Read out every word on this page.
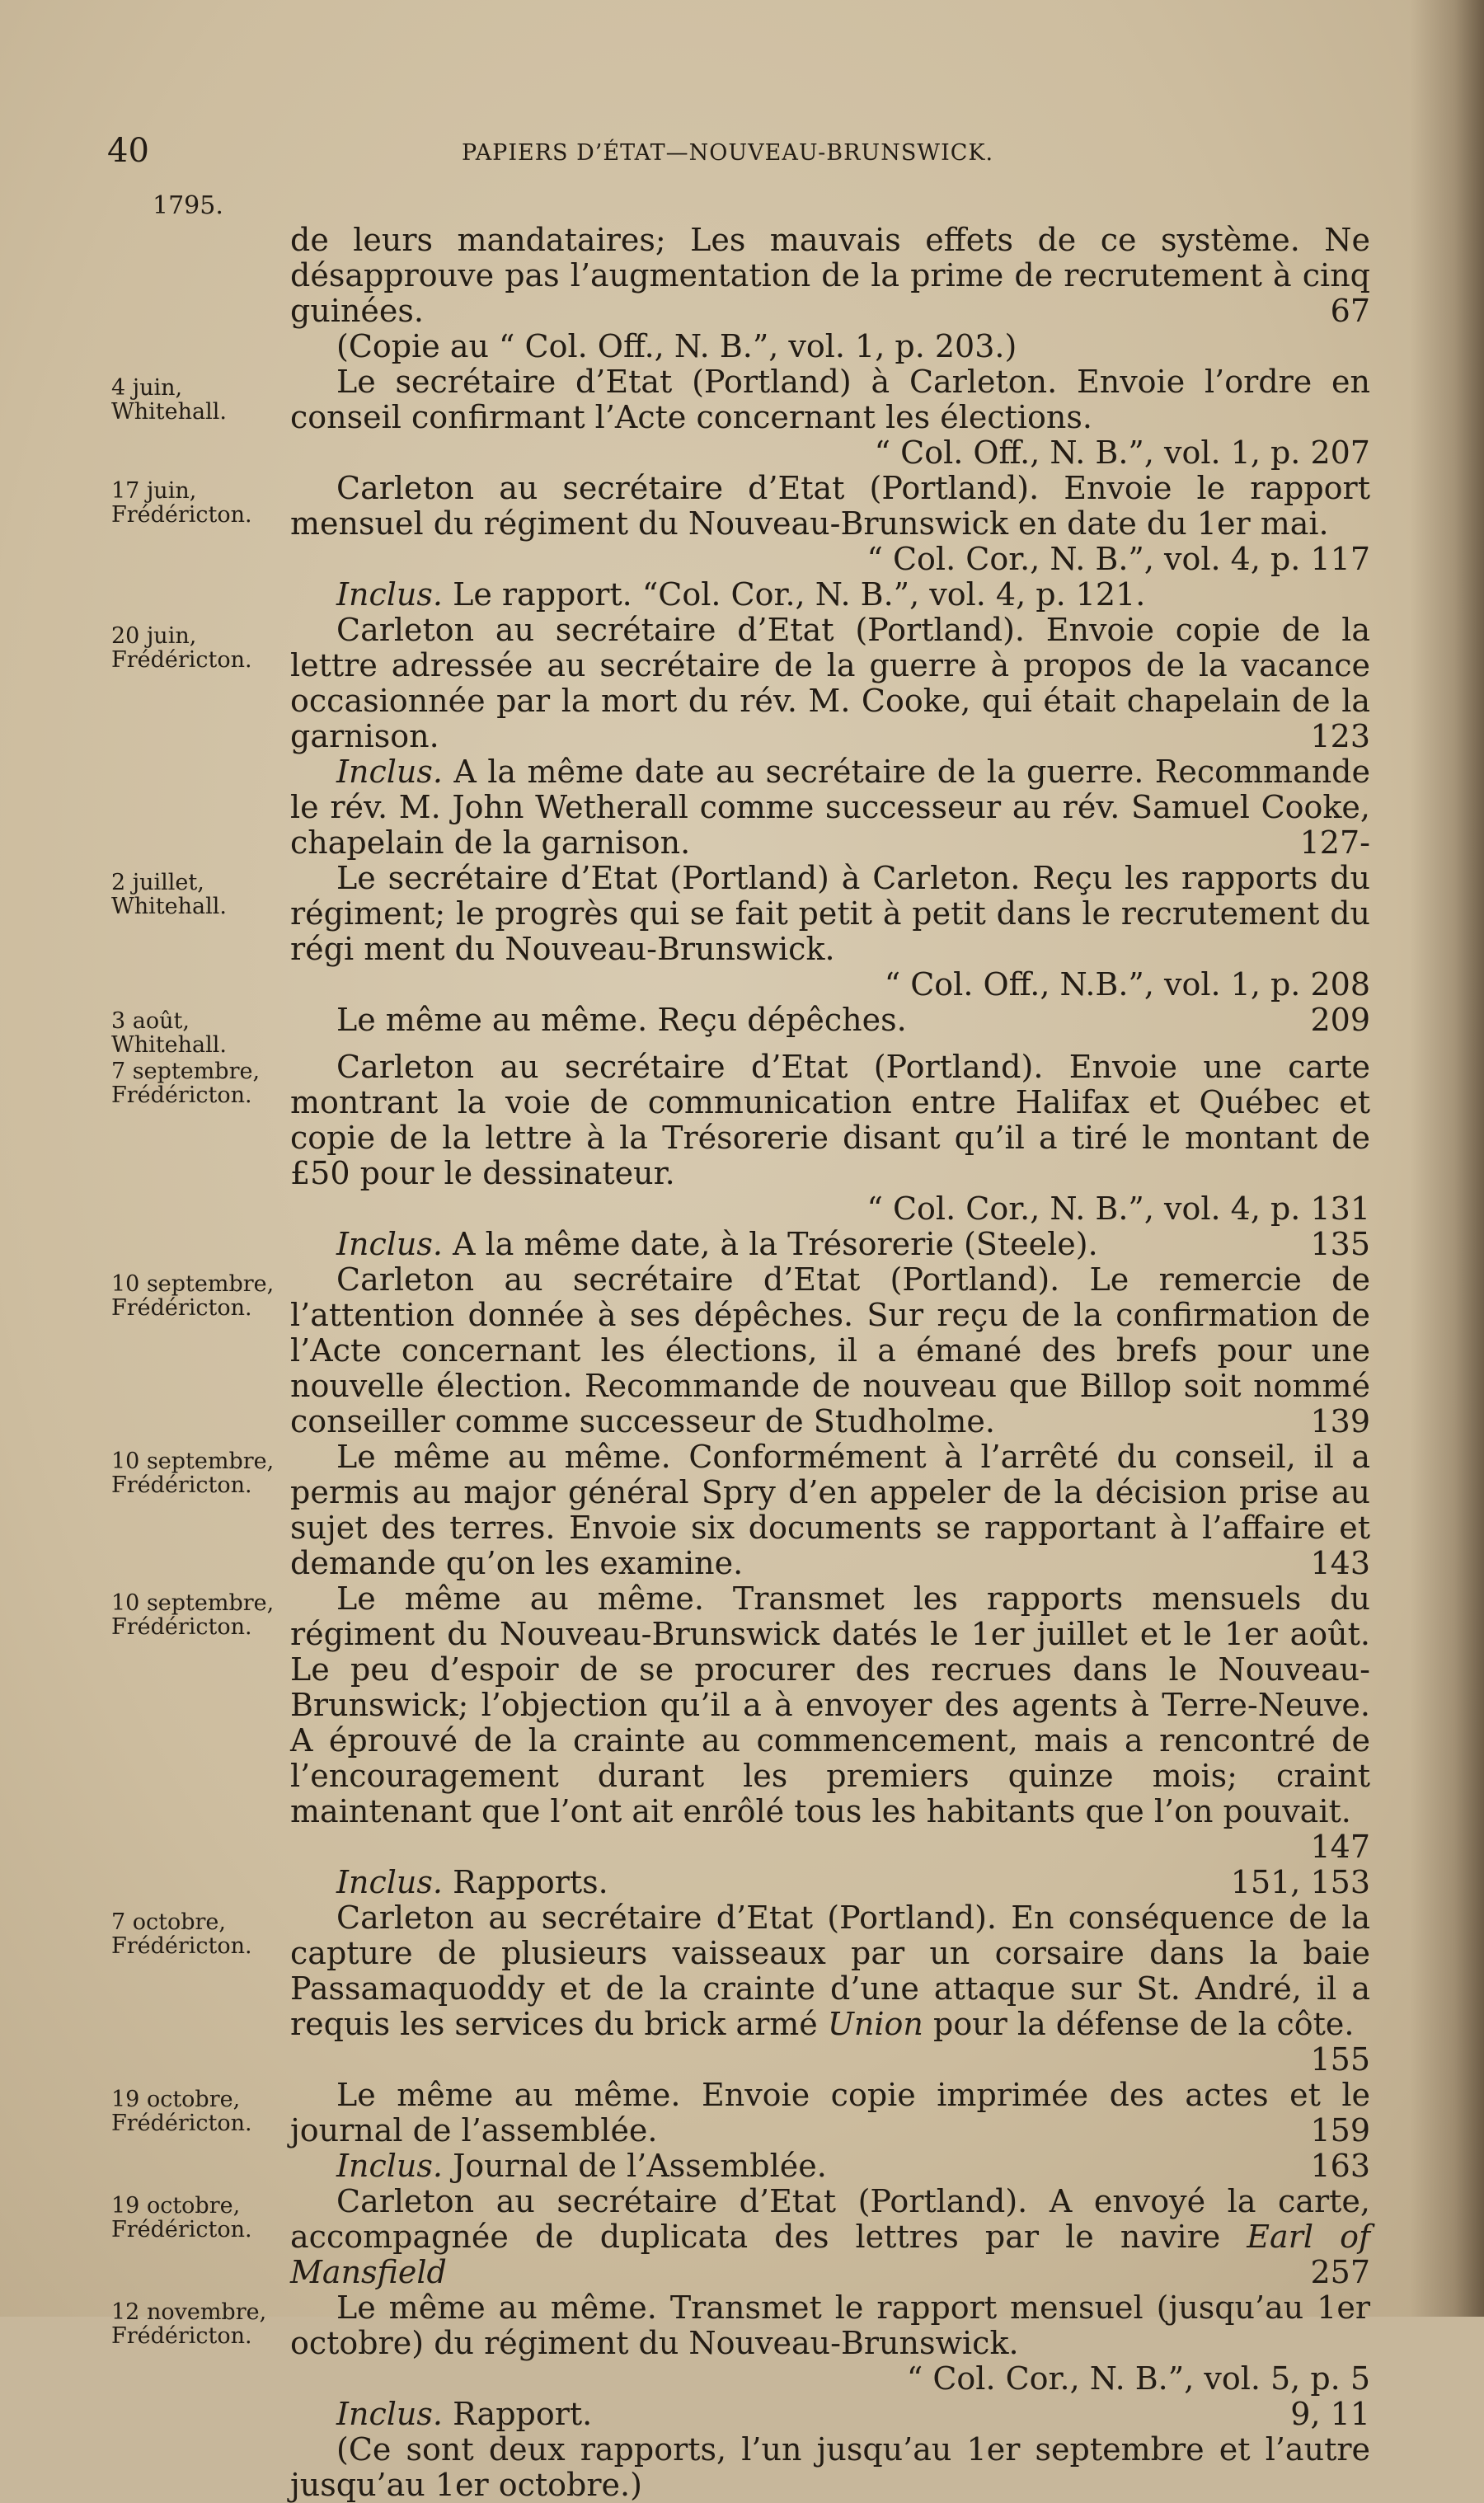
40	PAPIERS D’ÉTAT—NOUVEAU-BRUNSWICK.
1795.
de leurs mandataires; Les mauvais effets de ce système. Ne désapprouve pas l’augmentation de la prime de recrutement à cinq guinées.	67
(Copie au “ Col. Off., N. B.”, vol. 1, p. 203.)
4 juin, Whitehall.
Le secrétaire d’Etat (Portland) à Carleton. Envoie l’ordre en conseil confirmant l’Acte concernant les élections.
“ Col. Off., N. B.”, vol. 1, p. 207
17 juin, Frédéricton.
Carleton au secrétaire d’Etat (Portland). Envoie le rapport mensuel du régiment du Nouveau-Brunswick en date du 1er mai.
“ Col. Cor., N. B.”, vol. 4, p. 117
Inclus. Le rapport. “Col. Cor., N. B.”, vol. 4, p. 121.
20 juin, Frédéricton.
Carleton au secrétaire d’Etat (Portland). Envoie copie de la lettre adressée au secrétaire de la guerre à propos de la vacance occasionnée par la mort du rév. M. Cooke, qui était chapelain de la garnison.	123
Inclus. A la même date au secrétaire de la guerre. Recommande le rév. M. John Wetherall comme successeur au rév. Samuel Cooke, chapelain de la garnison.	127-
2 juillet, Whitehall.
Le secrétaire d’Etat (Portland) à Carleton. Reçu les rapports du régiment; le progrès qui se fait petit à petit dans le recrutement du régi ment du Nouveau-Brunswick.
“ Col. Off., N.B.”, vol. 1, p. 208
3 août, Whitehall.
Le même au même. Reçu dépêches.	209
7 septembre, Frédéricton.
Carleton au secrétaire d’Etat (Portland). Envoie une carte montrant la voie de communication entre Halifax et Québec et copie de la lettre à la Trésorerie disant qu’il a tiré le montant de £50 pour le dessinateur.
“ Col. Cor., N. B.”, vol. 4, p. 131
Inclus. A la même date, à la Trésorerie (Steele).	135
10 septembre, Frédéricton.
Carleton au secrétaire d’Etat (Portland). Le remercie de l’attention donnée à ses dépêches. Sur reçu de la confirmation de l’Acte concernant les élections, il a émané des brefs pour une nouvelle élection. Recommande de nouveau que Billop soit nommé conseiller comme successeur de Studholme.	139
10 septembre, Frédéricton.
Le même au même. Conformément à l’arrêté du conseil, il a permis au major général Spry d’en appeler de la décision prise au sujet des terres. Envoie six documents se rapportant à l’affaire et demande qu’on les examine.	143
10 septembre, Frédéricton.
Le même au même. Transmet les rapports mensuels du régiment du Nouveau-Brunswick datés le 1er juillet et le 1er août. Le peu d’espoir de se procurer des recrues dans le Nouveau-Brunswick; l’objection qu’il a à envoyer des agents à Terre-Neuve. A éprouvé de la crainte au commencement, mais a rencontré de l’encouragement durant les premiers quinze mois; craint maintenant que l’ont ait enrôlé tous les habitants que l’on pouvait.
147
Inclus. Rapports.	151, 153
7 octobre, Frédéricton.
Carleton au secrétaire d’Etat (Portland). En conséquence de la capture de plusieurs vaisseaux par un corsaire dans la baie Passamaquoddy et de la crainte d’une attaque sur St. André, il a requis les services du brick armé Union pour la défense de la côte.
155
19 octobre, Frédéricton.
Le même au même. Envoie copie imprimée des actes et le journal de l’assemblée.	159
Inclus. Journal de l’Assemblée.	163
19 octobre, Frédéricton.
Carleton au secrétaire d’Etat (Portland). A envoyé la carte, accompagnée de duplicata des lettres par le navire Earl of Mansfield	257
12 novembre, Frédéricton.
Le même au même. Transmet le rapport mensuel (jusqu’au 1er octobre) du régiment du Nouveau-Brunswick.
“ Col. Cor., N. B.”, vol. 5, p. 5
Inclus. Rapport.	9, 11
(Ce sont deux rapports, l’un jusqu’au 1er septembre et l’autre jusqu’au 1er octobre.)
